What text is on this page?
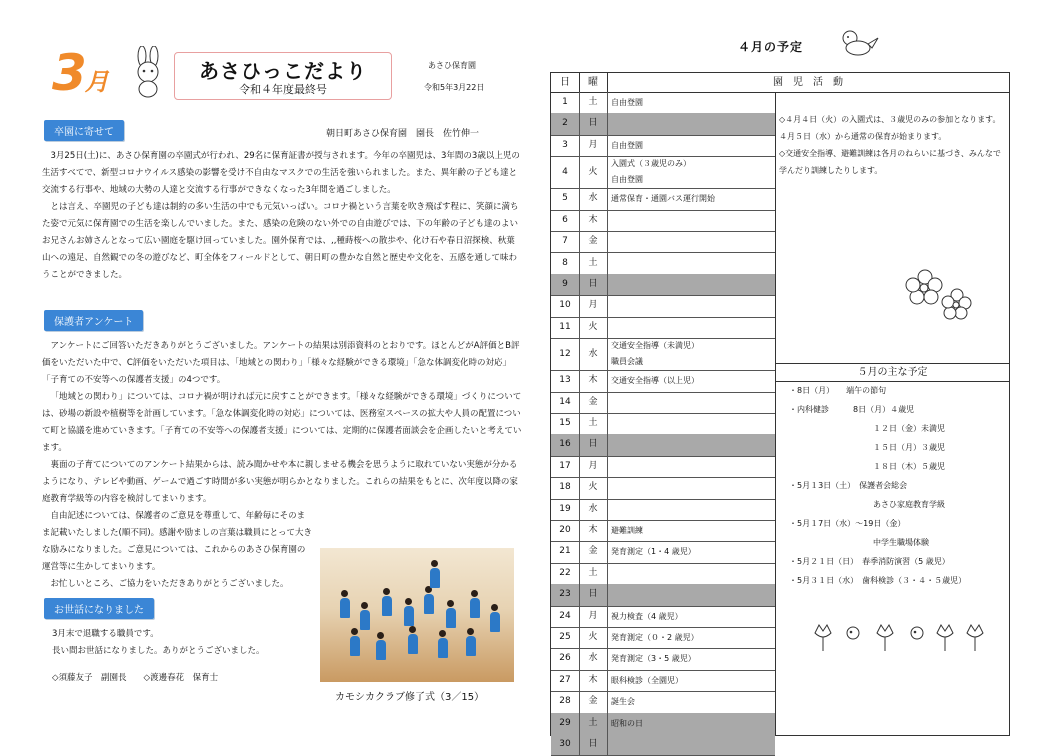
3月	あさひっこだより
令和４年度最終号
あさひ保育園
令和5年3月22日
卒園に寄せて	朝日町あさひ保育園　園長　佐竹伸一

3月25日(土)に、あさひ保育園の卒園式が行われ、29名に保育証書が授与されます。今年の卒園児は、3年間の3歳以上児の生活すべてで、新型コロナウイルス感染の影響を受け不自由なマスクでの生活を強いられました。また、異年齢の子ども達と交流する行事や、地域の大勢の人達と交流する行事ができなくなった3年間を過ごしました。

とは言え、卒園児の子ども達は制約の多い生活の中でも元気いっぱい。コロナ禍という言葉を吹き飛ばす程に、笑顔に満ちた姿で元気に保育園での生活を楽しんでいました。また、感染の危険のない外での自由遊びでは、下の年齢の子ども達のよいお兄さんお姉さんとなって広い園庭を駆け回っていました。園外保育では、,,種蒔桜への散歩や、化け石や春日沼探検、秋葉山への遠足、自然観での冬の遊びなど、町全体をフィールドとして、朝日町の豊かな自然と歴史や文化を、五感を通して味わうことができました。

保護者アンケート

アンケートにご回答いただきありがとうございました。アンケートの結果は別添資料のとおりです。ほとんどがA評価とB評価をいただいた中で、C評価をいただいた項目は、「地域との関わり」「様々な経験ができる環境」「急な体調変化時の対応」「子育ての不安等への保護者支援」の4つです。

「地域との関わり」については、コロナ禍が明ければ元に戻すことができます。「様々な経験ができる環境」づくりについては、砂場の新設や植樹等を計画しています。「急な体調変化時の対応」については、医務室スペースの拡大や人員の配置について町と協議を進めていきます。「子育ての不安等への保護者支援」については、定期的に保護者面談会を企画したいと考えています。

裏面の子育てについてのアンケート結果からは、読み聞かせや本に親しませる機会を思うように取れていない実態が分かるようになり、テレビや動画、ゲームで過ごす時間が多い実態が明らかとなりました。これらの結果をもとに、次年度以降の家庭教育学級等の内容を検討してまいります。

自由記述については、保護者のご意見を尊重して、年齢毎にそのまま記載いたしました(順不同)。感謝や励ましの言葉は職員にとって大きな励みになりました。ご意見については、これからのあさひ保育園の運営等に生かしてまいります。

お忙しいところ、ご協力をいただきありがとうございました。

お世話になりました
3月末で退職する職員です。
長い間お世話になりました。ありがとうございました。
◇須藤友子　副園長　　◇渡邊春花　保育士
カモシカクラブ修了式（3／15）
４月の予定
日	曜	園　児　活　動
1	土	自由登園
2	日
3	月	自由登園
4	火
入園式（３歳児のみ）
自由登園
5	水	通常保育・通園バス運行開始
6	木
7	金
8	土
9	日
10	月
11	火
12	水
交通安全指導（未満児）
職員会議
13	木	交通安全指導（以上児）
14	金
15	土
16	日
17	月
18	火
19	水
20	木	避難訓練
21	金	発育測定（1・4 歳児）
22	土
23	日
24	月	視力検査（4 歳児）
25	火	発育測定（０・2 歳児）
26	水	発育測定（3・5 歳児）
27	木	眼科検診（全園児）
28	金	誕生会
29	土	昭和の日
30	日

◇４月４日（火）の入園式は、３歳児のみの参加となります。４月５日（水）から通常の保育が始まります。

◇交通安全指導、避難訓練は各月のねらいに基づき、みんなで学んだり訓練したりします。

５月の主な予定
・8日（月）　　端午の節句
・内科健診　　　8日（月）４歳児
１２日（金）未満児
１５日（月）３歳児
１８日（木）５歳児
・5月１3日（土）　保護者会総会
あさひ家庭教育学級
・5月１7日（水）～19日（金）
中学生職場体験
・5月２１日（日）　春季消防演習（5 歳児）
・5月３１日（水）　歯科検診（３・４・５歳児）
